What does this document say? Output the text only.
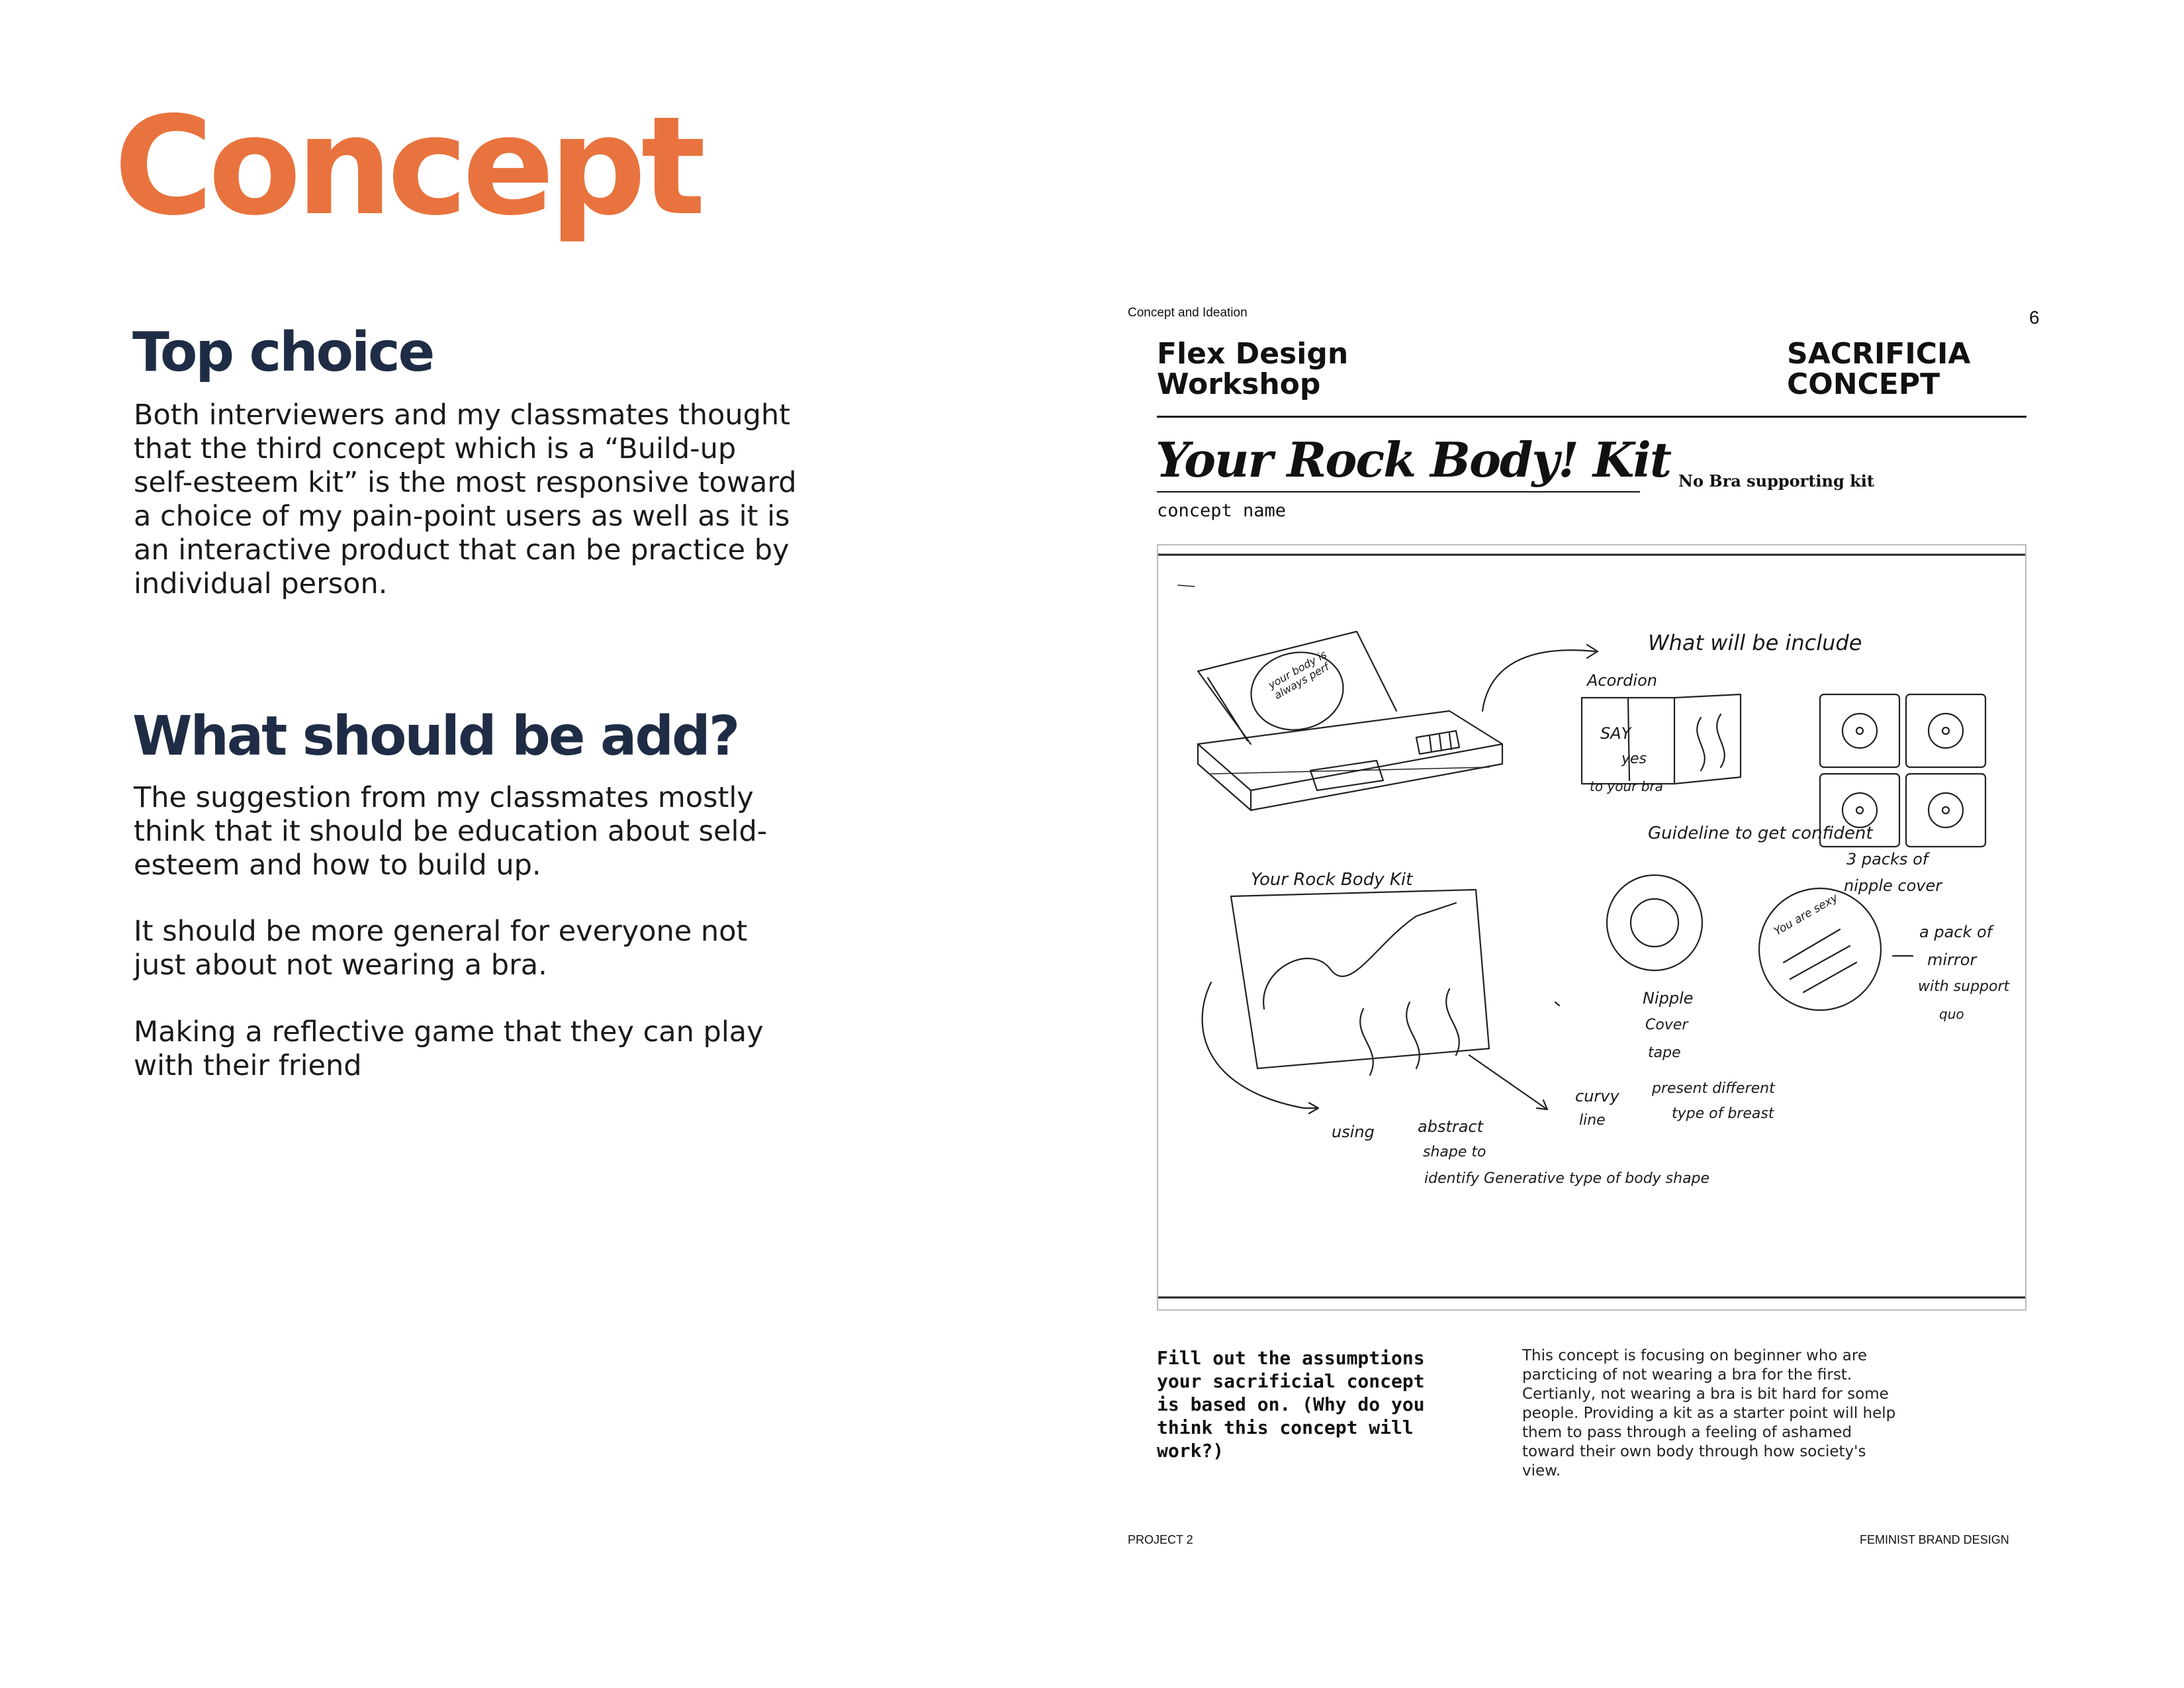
Concept
Top choice

Both interviewers and my classmates thought
that the third concept which is a “Build-up
self-esteem kit” is the most responsive toward
a choice of my pain-point users as well as it is
an interactive product that can be practice by
individual person.

What should be add?

The suggestion from my classmates mostly
think that it should be education about seld-
esteem and how to build up.

It should be more general for everyone not
just about not wearing a bra.

Making a reflective game that they can play
with their friend

Concept and Ideation	6

Flex Design
Workshop

SACRIFICIA
CONCEPT

Your Rock Body! Kit No Bra supporting kit
concept name
What will be include
Acordion
SAY
yes
to your bra
Guideline to get confident
3 packs of
nipple cover
Your Rock Body Kit
your body is always perf
Nipple
Cover
tape
You are sexy	a pack of
mirror
with support
quo
curvy
line
present different
type of breast
using	abstract
shape to
identify Generative type of body shape

Fill out the assumptions
your sacrificial concept
is based on. (Why do you
think this concept will
work?)

This concept is focusing on beginner who are parcticing of not wearing a bra for the first. Certianly, not wearing a bra is bit hard for some people. Providing a kit as a starter point will help them to pass through a feeling of ashamed toward their own body through how society's view.

PROJECT 2	FEMINIST BRAND DESIGN
